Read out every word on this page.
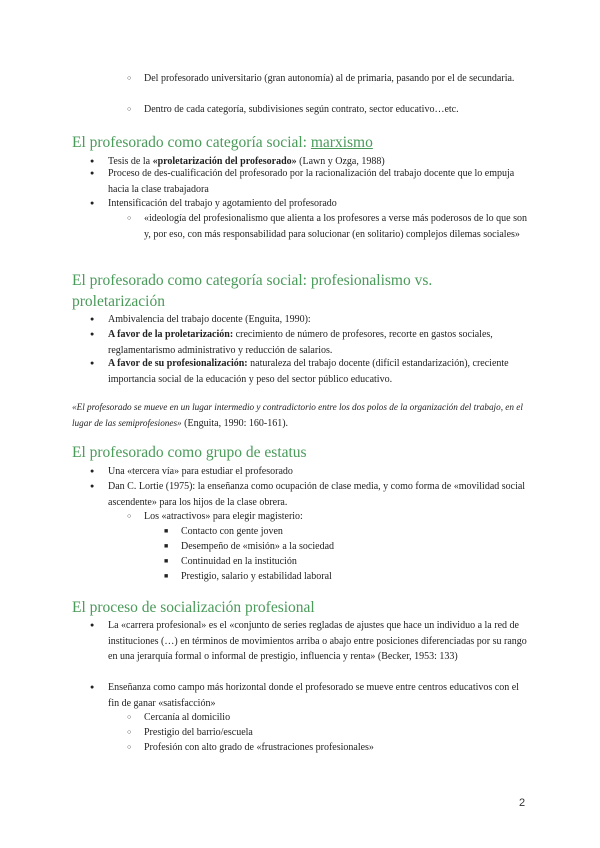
○ Del profesorado universitario (gran autonomía) al de primaria, pasando por el de secundaria.
○ Dentro de cada categoría, subdivisiones según contrato, sector educativo…etc.
El profesorado como categoría social: marxismo
● Tesis de la «proletarización del profesorado» (Lawn y Ozga, 1988)
● Proceso de des-cualificación del profesorado por la racionalización del trabajo docente que lo empuja hacia la clase trabajadora
● Intensificación del trabajo y agotamiento del profesorado
○ «ideología del profesionalismo que alienta a los profesores a verse más poderosos de lo que son y, por eso, con más responsabilidad para solucionar (en solitario) complejos dilemas sociales»
El profesorado como categoría social: profesionalismo vs. proletarización
● Ambivalencia del trabajo docente (Enguita, 1990):
● A favor de la proletarización: crecimiento de número de profesores, recorte en gastos sociales, reglamentarismo administrativo y reducción de salarios.
● A favor de su profesionalización: naturaleza del trabajo docente (difícil estandarización), creciente importancia social de la educación y peso del sector público educativo.
«El profesorado se mueve en un lugar intermedio y contradictorio entre los dos polos de la organización del trabajo, en el lugar de las semiprofesiones» (Enguita, 1990: 160-161).
El profesorado como grupo de estatus
● Una «tercera vía» para estudiar el profesorado
● Dan C. Lortie (1975): la enseñanza como ocupación de clase media, y como forma de «movilidad social ascendente» para los hijos de la clase obrera.
○ Los «atractivos» para elegir magisterio:
■ Contacto con gente joven
■ Desempeño de «misión» a la sociedad
■ Continuidad en la institución
■ Prestigio, salario y estabilidad laboral
El proceso de socialización profesional
● La «carrera profesional» es el «conjunto de series regladas de ajustes que hace un individuo a la red de instituciones (…) en términos de movimientos arriba o abajo entre posiciones diferenciadas por su rango en una jerarquía formal o informal de prestigio, influencia y renta» (Becker, 1953: 133)
● Enseñanza como campo más horizontal donde el profesorado se mueve entre centros educativos con el fin de ganar «satisfacción»
○ Cercanía al domicilio
○ Prestigio del barrio/escuela
○ Profesión con alto grado de «frustraciones profesionales»
2
